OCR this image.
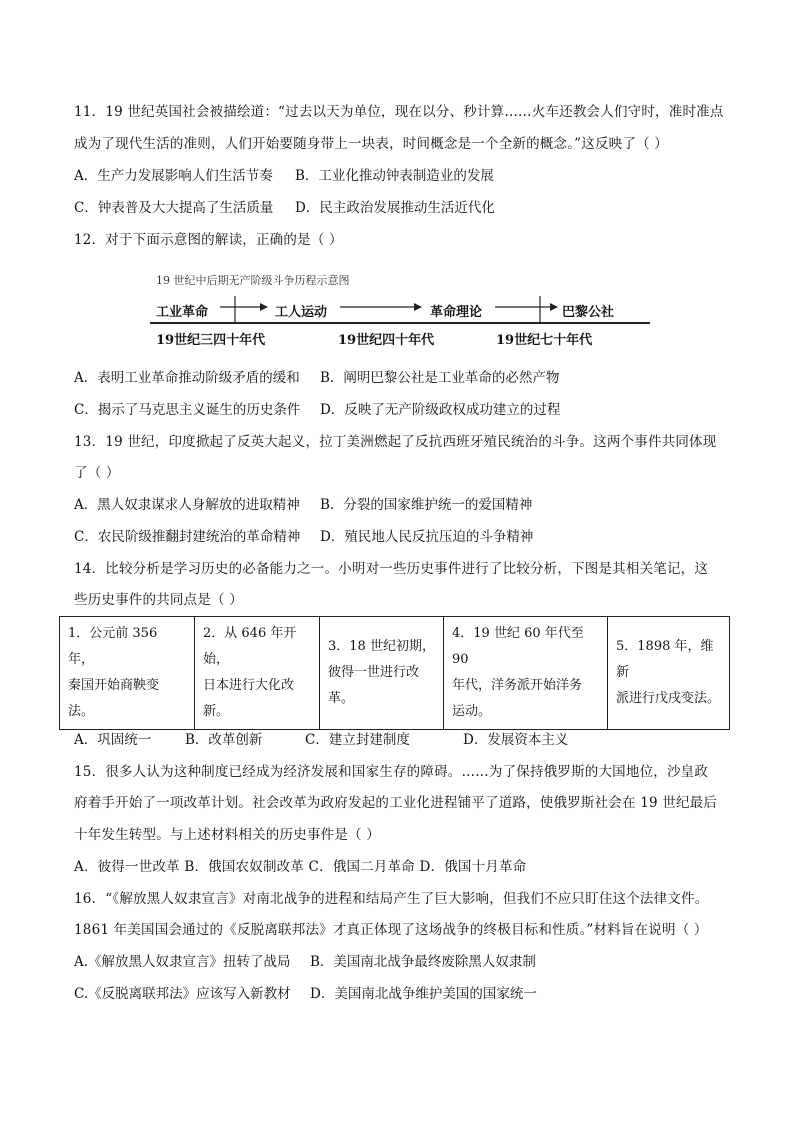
11．19 世纪英国社会被描绘道：“过去以天为单位，现在以分、秒计算……火车还教会人们守时，准时准点
成为了现代生活的准则，人们开始要随身带上一块表，时间概念是一个全新的概念。”这反映了（ ）
A．生产力发展影响人们生活节奏 B．工业化推动钟表制造业的发展
C．钟表普及大大提高了生活质量 D．民主政治发展推动生活近代化
12．对于下面示意图的解读，正确的是（ ）
19 世纪中后期无产阶级斗争历程示意图
工业革命	工人运动	革命理论	巴黎公社
19世纪三四十年代	19世纪四十年代	19世纪七十年代
A．表明工业革命推动阶级矛盾的缓和 B．阐明巴黎公社是工业革命的必然产物
C．揭示了马克思主义诞生的历史条件 D．反映了无产阶级政权成功建立的过程
13．19 世纪，印度掀起了反英大起义，拉丁美洲燃起了反抗西班牙殖民统治的斗争。这两个事件共同体现
了（ ）
A．黑人奴隶谋求人身解放的进取精神 B．分裂的国家维护统一的爱国精神
C．农民阶级推翻封建统治的革命精神 D．殖民地人民反抗压迫的斗争精神
14．比较分析是学习历史的必备能力之一。小明对一些历史事件进行了比较分析，下图是其相关笔记，这
些历史事件的共同点是（ ）
1．公元前 356 年，
秦国开始商鞅变
法。

2．从 646 年开始，
日本进行大化改
新。

3．18 世纪初期，
彼得一世进行改
革。

4．19 世纪 60 年代至 90
年代，洋务派开始洋务
运动。

5．1898 年，维新
派进行戊戌变法。
A．巩固统一	B．改革创新	C．建立封建制度	D．发展资本主义
15．很多人认为这种制度已经成为经济发展和国家生存的障碍。……为了保持俄罗斯的大国地位，沙皇政
府着手开始了一项改革计划。社会改革为政府发起的工业化进程铺平了道路，使俄罗斯社会在 19 世纪最后
十年发生转型。与上述材料相关的历史事件是（ ）
A．彼得一世改革 B．俄国农奴制改革 C．俄国二月革命 D．俄国十月革命
16．“《解放黑人奴隶宣言》对南北战争的进程和结局产生了巨大影响，但我们不应只盯住这个法律文件。
1861 年美国国会通过的《反脱离联邦法》才真正体现了这场战争的终极目标和性质。”材料旨在说明（ ）
A.《解放黑人奴隶宣言》扭转了战局 B．美国南北战争最终废除黑人奴隶制
C.《反脱离联邦法》应该写入新教材 D．美国南北战争维护美国的国家统一
